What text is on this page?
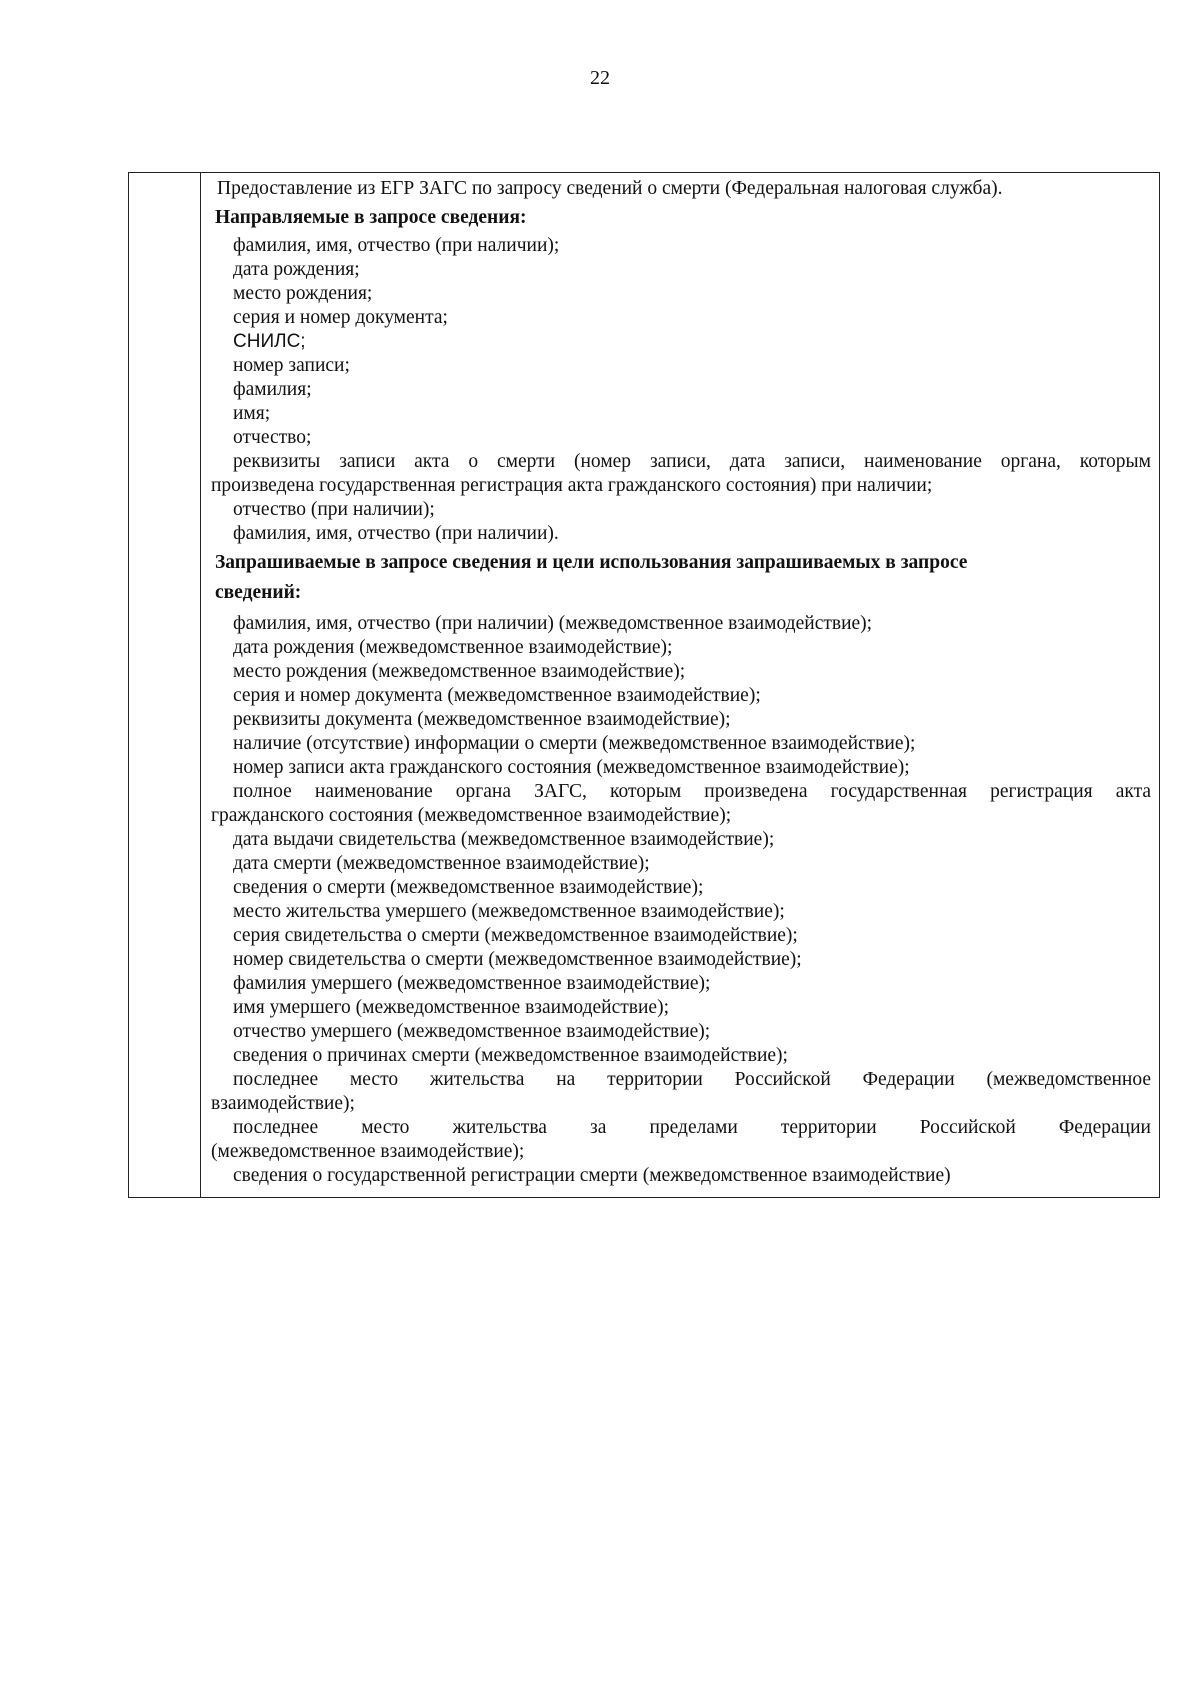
22
Предоставление из ЕГР ЗАГС по запросу сведений о смерти (Федеральная налоговая служба).
Направляемые в запросе сведения:
фамилия, имя, отчество (при наличии);
дата рождения;
место рождения;
серия и номер документа;
СНИЛС;
номер записи;
фамилия;
имя;
отчество;
реквизиты записи акта о смерти (номер записи, дата записи, наименование органа, которым
произведена государственная регистрация акта гражданского состояния) при наличии;
отчество (при наличии);
фамилия, имя, отчество (при наличии).
Запрашиваемые в запросе сведения и цели использования запрашиваемых в запросе
сведений:
фамилия, имя, отчество (при наличии) (межведомственное взаимодействие);
дата рождения (межведомственное взаимодействие);
место рождения (межведомственное взаимодействие);
серия и номер документа (межведомственное взаимодействие);
реквизиты документа (межведомственное взаимодействие);
наличие (отсутствие) информации о смерти (межведомственное взаимодействие);
номер записи акта гражданского состояния (межведомственное взаимодействие);
полное наименование органа ЗАГС, которым произведена государственная регистрация акта
гражданского состояния (межведомственное взаимодействие);
дата выдачи свидетельства (межведомственное взаимодействие);
дата смерти (межведомственное взаимодействие);
сведения о смерти (межведомственное взаимодействие);
место жительства умершего (межведомственное взаимодействие);
серия свидетельства о смерти (межведомственное взаимодействие);
номер свидетельства о смерти (межведомственное взаимодействие);
фамилия умершего (межведомственное взаимодействие);
имя умершего (межведомственное взаимодействие);
отчество умершего (межведомственное взаимодействие);
сведения о причинах смерти (межведомственное взаимодействие);
последнее место жительства на территории Российской Федерации (межведомственное
взаимодействие);
последнее место жительства за пределами территории Российской Федерации
(межведомственное взаимодействие);
сведения о государственной регистрации смерти (межведомственное взаимодействие)
